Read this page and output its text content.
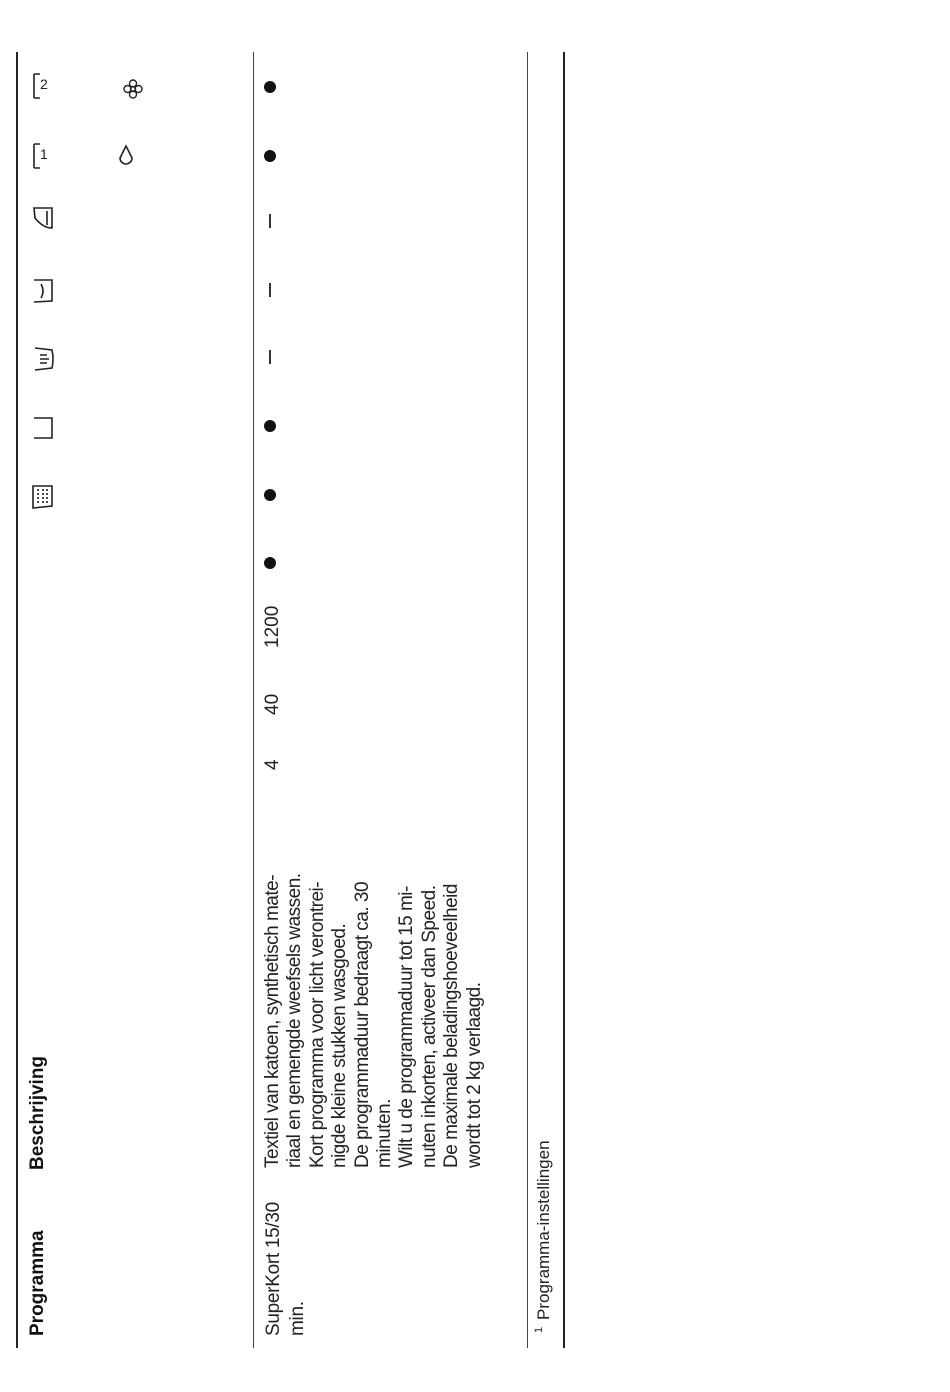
Programma
Beschrijving
1
2
SuperKort 15/30 min.
Textiel van katoen, synthetisch mate- riaal en gemengde weefsels wassen. Kort programma voor licht verontrei- nigde kleine stukken wasgoed. De programmaduur bedraagt ca. 30 minuten. Wilt u de programmaduur tot 15 mi- nuten inkorten, activeer dan Speed. De maximale beladingshoeveelheid wordt tot 2 kg verlaagd.
4
40
1200
1
Programma-instellingen
